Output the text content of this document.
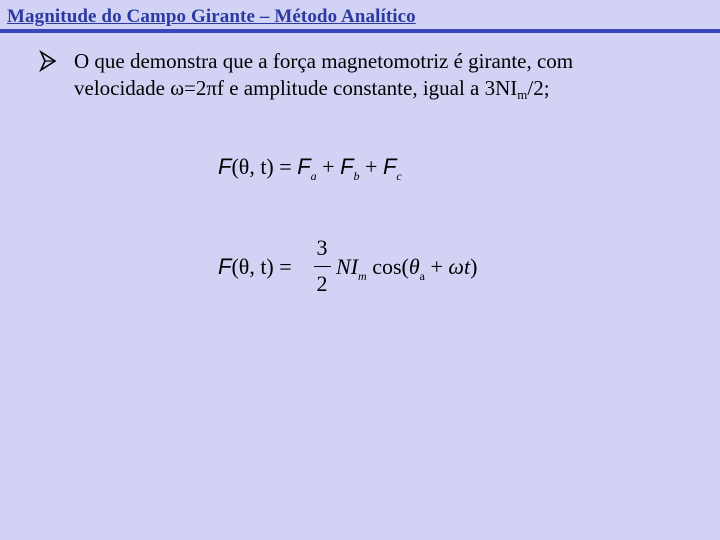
Magnitude do Campo Girante – Método Analítico
O que demonstra que a força magnetomotriz é girante, com
velocidade ω=2πf e amplitude constante, igual a $3NI_m/2$;
F(θ, $t) = F_a + F_b + F_c$
F(θ, t) =
3
2
$NI_m$ $\cos(\theta_a + \omega t)$
